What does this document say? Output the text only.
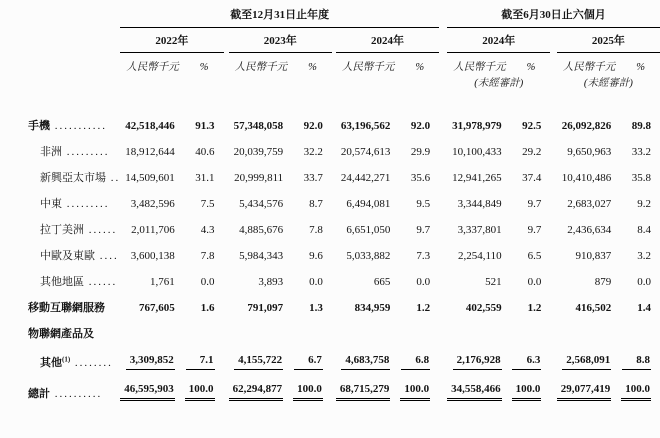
	截至12月31日止年度									截至6月30日止六個月				
	2022年			2023年			2024年			2024年			2025年	
	人民幣千元	%		人民幣千元	%		人民幣千元	%		人民幣千元	%		人民幣千元	%
										(未經審計)			(未經審計)	
手機 ...........	42,518,446	91.3		57,348,058	92.0		63,196,562	92.0		31,978,979	92.5		26,092,826	89.8
非洲 .........	18,912,644	40.6		20,039,759	32.2		20,574,613	29.9		10,100,433	29.2		9,650,963	33.2
新興亞太市場 ..	14,509,601	31.1		20,999,811	33.7		24,442,271	35.6		12,941,265	37.4		10,410,486	35.8
中東 .........	3,482,596	7.5		5,434,576	8.7		6,494,081	9.5		3,344,849	9.7		2,683,027	9.2
拉丁美洲 ......	2,011,706	4.3		4,885,676	7.8		6,651,050	9.7		3,337,801	9.7		2,436,634	8.4
中歐及東歐 ....	3,600,138	7.8		5,984,343	9.6		5,033,882	7.3		2,254,110	6.5		910,837	3.2
其他地區 ......	1,761	0.0		3,893	0.0		665	0.0		521	0.0		879	0.0
移動互聯網服務	767,605	1.6		791,097	1.3		834,959	1.2		402,559	1.2		416,502	1.4
物聯網產品及														
其他$^{(1)}$ ........	3,309,852	7.1		4,155,722	6.7		4,683,758	6.8		2,176,928	6.3		2,568,091	8.8
總計 ..........	46,595,903	100.0		62,294,877	100.0		68,715,279	100.0		34,558,466	100.0		29,077,419	100.0
